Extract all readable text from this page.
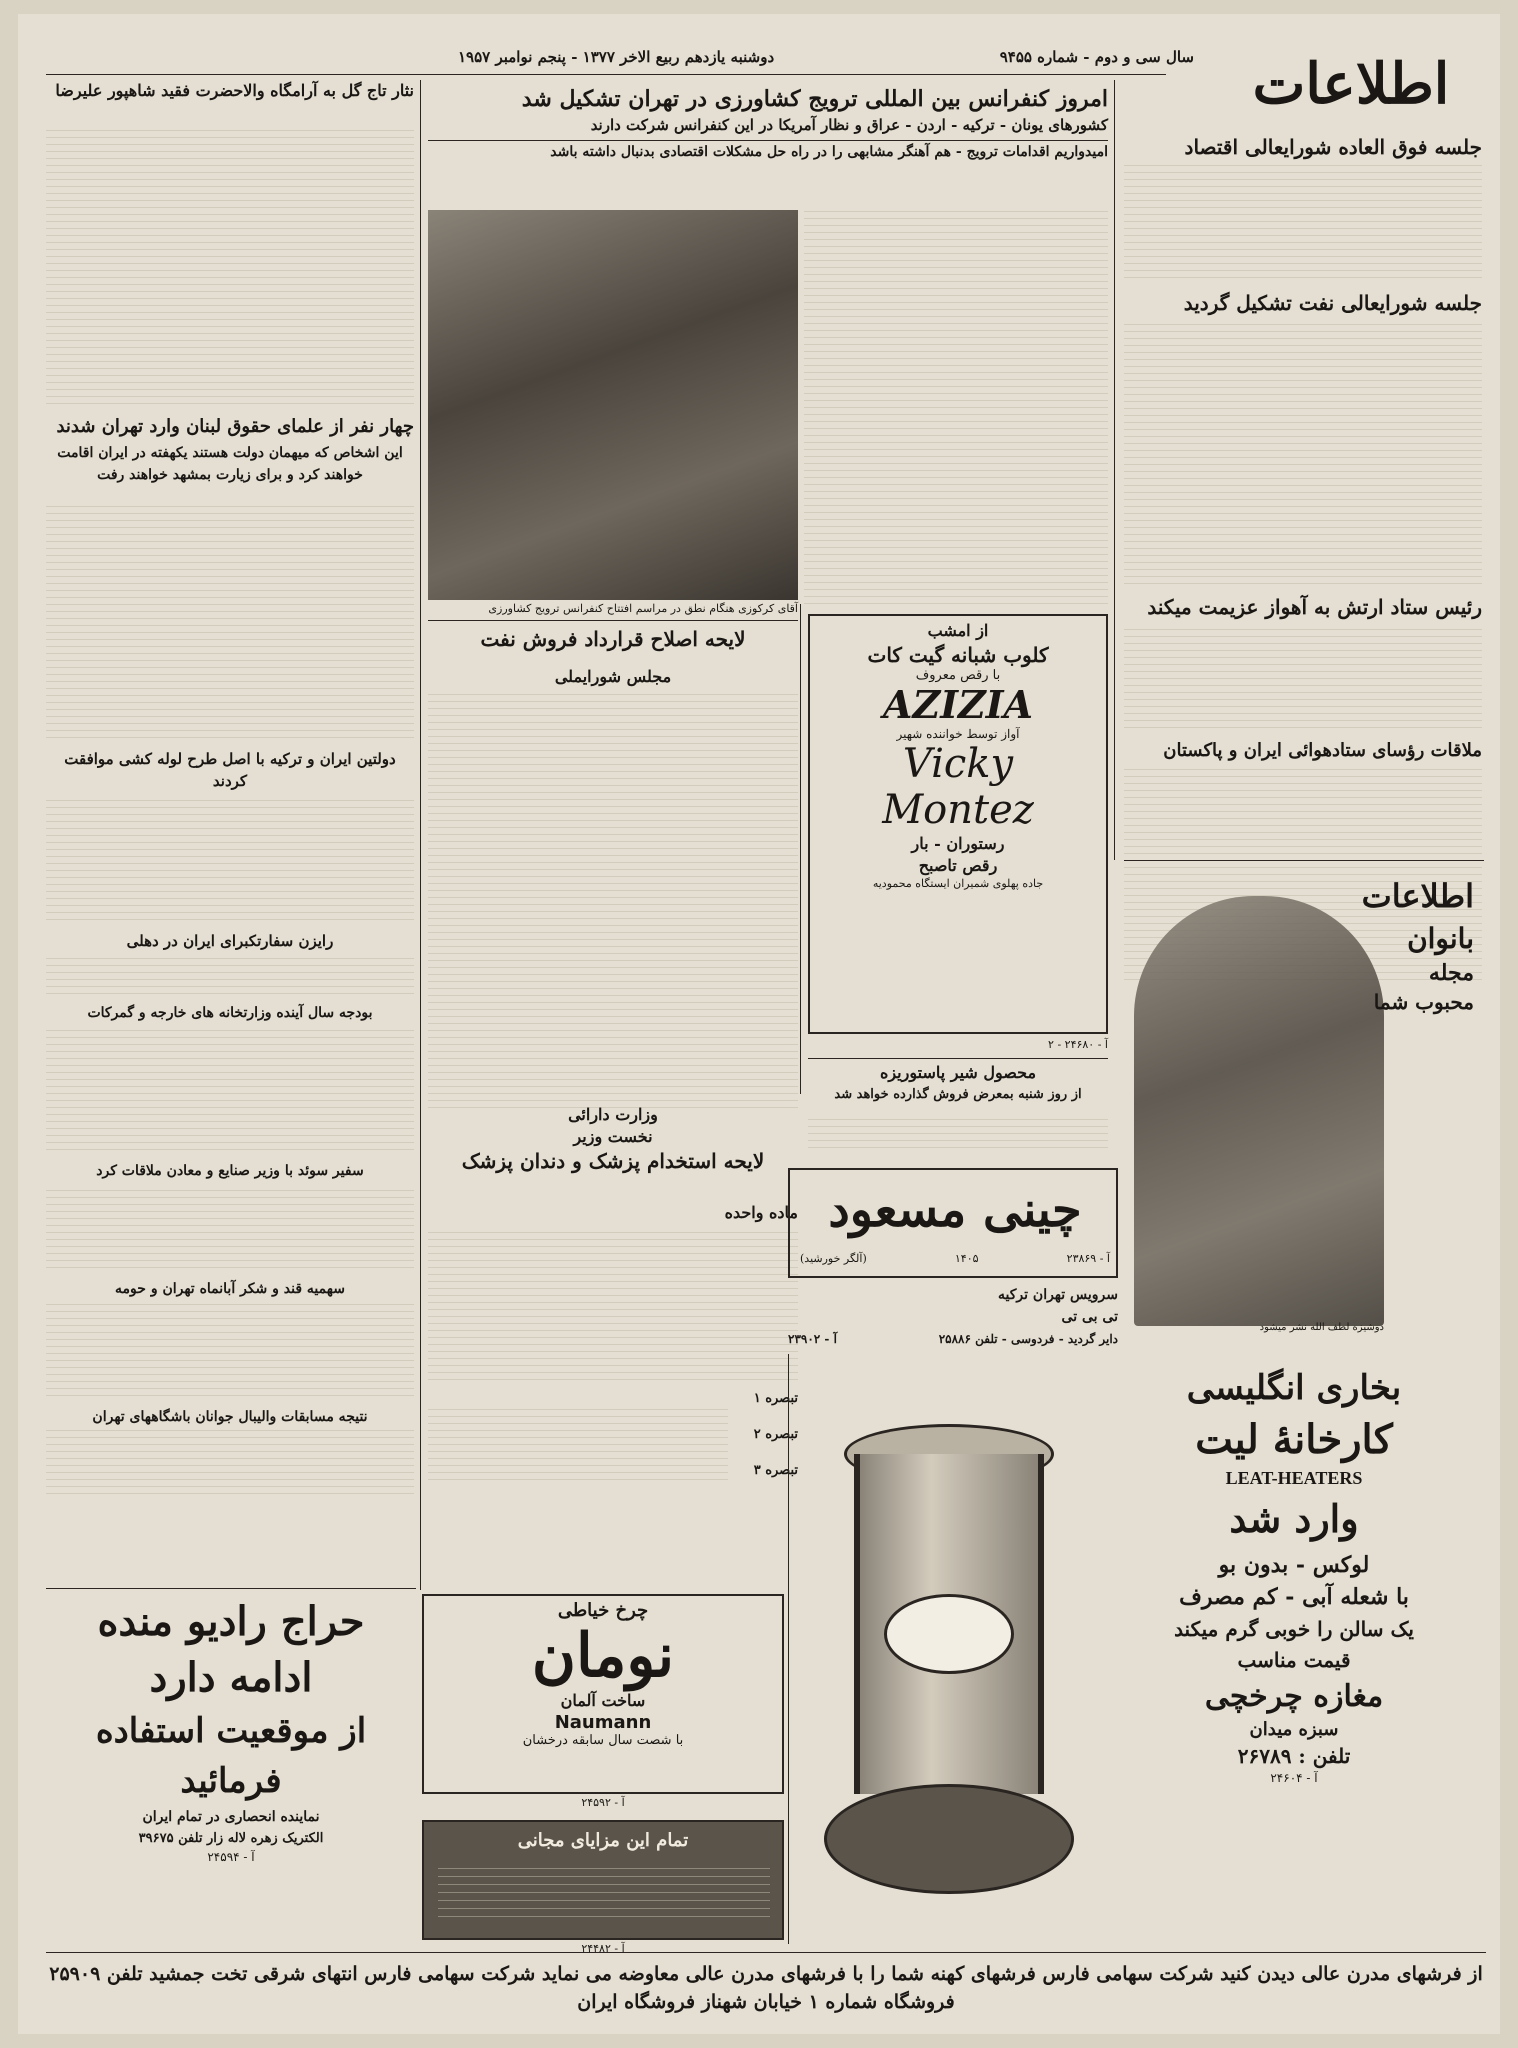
اطلاعات
سال سی و دوم - شماره ۹۴۵۵
دوشنبه یازدهم ربیع الاخر ۱۳۷۷ - پنجم نوامبر ۱۹۵۷
جلسه فوق العاده شورایعالی اقتصاد
جلسه شورایعالی نفت تشکیل گردید
رئیس ستاد ارتش به آهواز عزیمت میکند
ملاقات رؤسای ستادهوائی ایران و پاکستان
اطلاعات
بانوان
مجله
محبوب شما
دوشیزه لطف الله نشر میشود
امروز کنفرانس بین المللی ترویج کشاورزی در تهران تشکیل شد
کشورهای یونان - ترکیه - اردن - عراق و نظار آمریکا در این کنفرانس شرکت دارند
امیدواریم اقدامات ترویج - هم آهنگر مشابهی را در راه حل مشکلات اقتصادی بدنبال داشته باشد
آقای کرکوزی هنگام نطق در مراسم افتتاح کنفرانس ترویج کشاورزی
لایحه اصلاح قرارداد فروش نفت
مجلس شورایملی
وزارت دارائی
نخست وزیر
لایحه استخدام پزشک و دندان پزشک
ماده واحده
تبصره ۱
تبصره ۲
تبصره ۳
از امشب
کلوب شبانه گیت کات
با رقص معروف
AZIZIA
آواز توسط خواننده شهیر
Vicky
Montez
رستوران - بار
رقص تاصبح
جاده پهلوی شمیران ایستگاه محمودیه
آ - ۲۴۶۸۰ - ۲
محصول شیر پاستوریزه
از روز شنبه بمعرض فروش گذارده خواهد شد
چینی مسعود
آ - ۲۳۸۶۹
۱۴۰۵
(آلگر خورشید)
سرویس تهران ترکیه
تی بی تی
دایر گردید - فردوسی - تلفن ۲۵۸۸۶
آ - ۲۳۹۰۲
نثار تاج گل به آرامگاه والاحضرت فقید شاهپور علیرضا
چهار نفر از علمای حقوق لبنان وارد تهران شدند
این اشخاص که میهمان دولت هستند یکهفته در ایران اقامت خواهند کرد و برای زیارت بمشهد خواهند رفت
دولتین ایران و ترکیه با اصل طرح لوله کشی موافقت کردند
رایزن سفارتکبرای ایران در دهلی
بودجه سال آینده وزارتخانه های خارجه و گمرکات
سفیر سوئد با وزیر صنایع و معادن ملاقات کرد
سهمیه قند و شکر آبانماه تهران و حومه
نتیجه مسابقات والیبال جوانان باشگاههای تهران
حراج رادیو منده
ادامه دارد
از موقعیت استفاده
فرمائید
نماینده انحصاری در تمام ایران
الکتریک زهره لاله زار تلفن ۳۹۶۷۵
آ - ۲۴۵۹۴
چرخ خیاطی
نومان
ساخت آلمان
Naumann
با شصت سال سابقه درخشان
آ - ۲۴۵۹۲
تمام این مزایای مجانی
آ - ۲۴۴۸۲
بخاری انگلیسی
کارخانهٔ لیت
LEAT-HEATERS
وارد شد
لوکس - بدون بو
با شعله آبی - کم مصرف
یک سالن را خوبی گرم میکند
قیمت مناسب
مغازه چرخچی
سبزه میدان
تلفن : ۲۶۷۸۹
آ - ۲۴۶۰۴
از فرشهای مدرن عالی دیدن کنید شرکت سهامی فارس فرشهای کهنه شما را با فرشهای مدرن عالی معاوضه می نماید شرکت سهامی فارس انتهای شرقی تخت جمشید تلفن ۲۵۹۰۹ فروشگاه شماره ۱ خیابان شهناز فروشگاه ایران
